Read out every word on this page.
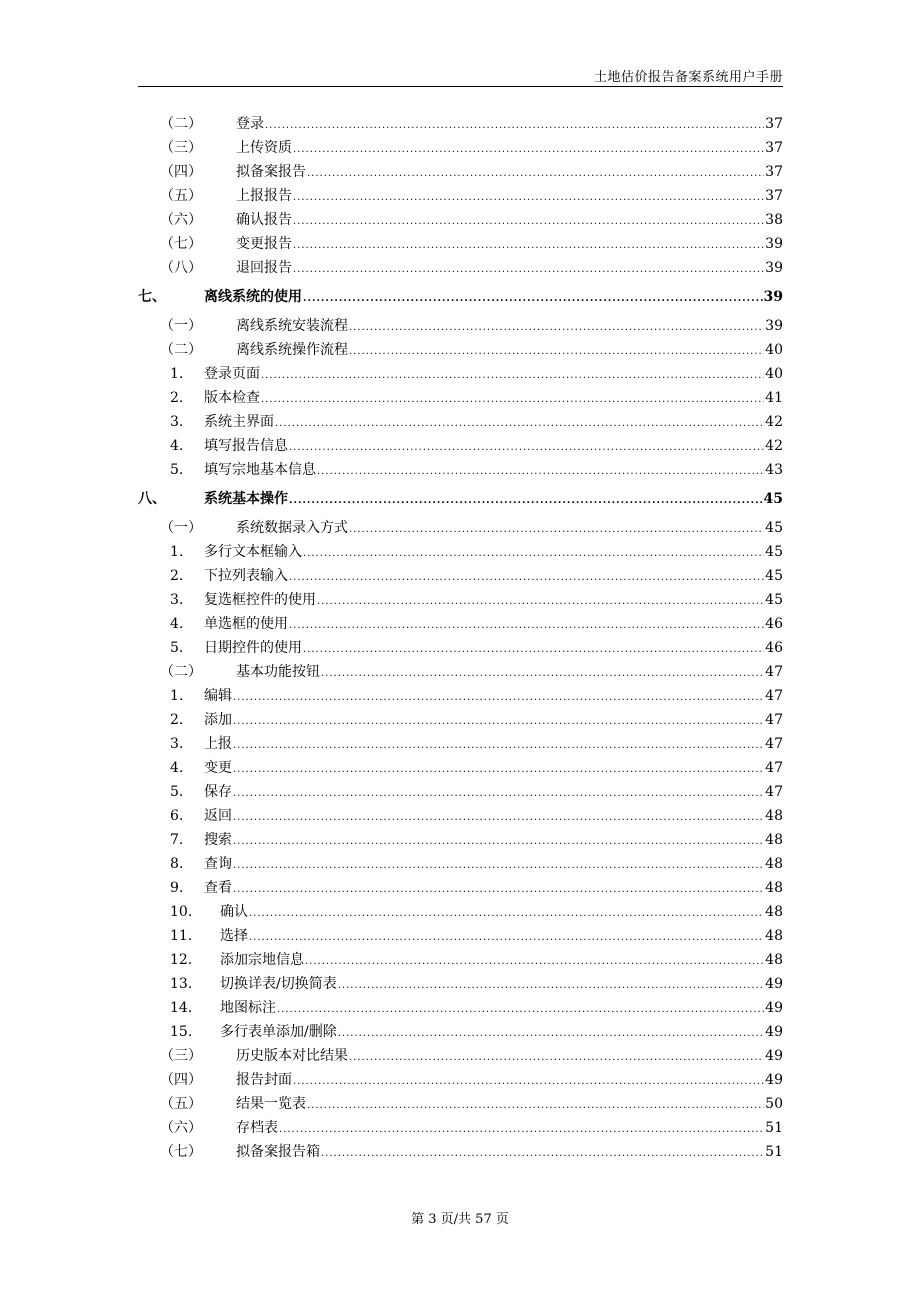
土地估价报告备案系统用户手册
（二） 登录 .....	37
（三） 上传资质 .....	37
（四） 拟备案报告 .....	37
（五） 上报报告 .....	37
（六） 确认报告 .....	38
（七） 变更报告 .....	39
（八） 退回报告 .....	39
七、	离线系统的使用 .....	39
（一） 离线系统安装流程 .....	39
（二） 离线系统操作流程 .....	40
1. 登录页面 .....	40
2. 版本检查 .....	41
3. 系统主界面 .....	42
4. 填写报告信息 .....	42
5. 填写宗地基本信息 .....	43
八、	系统基本操作 .....	45
（一） 系统数据录入方式 .....	45
1. 多行文本框输入 .....	45
2. 下拉列表输入 .....	45
3. 复选框控件的使用 .....	45
4. 单选框的使用 .....	46
5. 日期控件的使用 .....	46
（二） 基本功能按钮 .....	47
1. 编辑 .....	47
2. 添加 .....	47
3. 上报 .....	47
4. 变更 .....	47
5. 保存 .....	47
6. 返回 .....	48
7. 搜索 .....	48
8. 查询 .....	48
9. 查看 .....	48
10. 确认 .....	48
11. 选择 .....	48
12. 添加宗地信息 .....	48
13. 切换详表/切换简表 .....	49
14. 地图标注 .....	49
15. 多行表单添加/删除 .....	49
（三） 历史版本对比结果 .....	49
（四） 报告封面 .....	49
（五） 结果一览表 .....	50
（六） 存档表 .....	51
（七） 拟备案报告箱 .....	51
第 3 页/共 57 页
